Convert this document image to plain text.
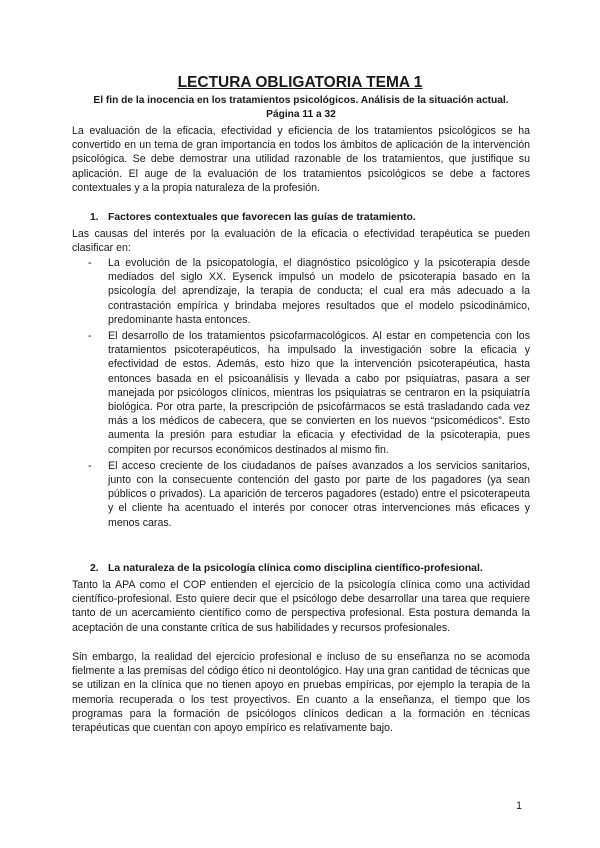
LECTURA OBLIGATORIA TEMA 1
El fin de la inocencia en los tratamientos psicológicos. Análisis de la situación actual.
Página 11 a 32

La evaluación de la eficacia, efectividad y eficiencia de los tratamientos psicológicos se ha convertido en un tema de gran importancia en todos los ámbitos de aplicación de la intervención psicológica. Se debe demostrar una utilidad razonable de los tratamientos, que justifique su aplicación. El auge de la evaluación de los tratamientos psicológicos se debe a factores contextuales y a la propia naturaleza de la profesión.

1. Factores contextuales que favorecen las guías de tratamiento.

Las causas del interés por la evaluación de la eficacia o efectividad terapéutica se pueden clasificar en:

- La evolución de la psicopatología, el diagnóstico psicológico y la psicoterapia desde mediados del siglo XX. Eysenck impulsó un modelo de psicoterapia basado en la psicología del aprendizaje, la terapia de conducta; el cual era más adecuado a la contrastación empírica y brindaba mejores resultados que el modelo psicodinámico, predominante hasta entonces.
- El desarrollo de los tratamientos psicofarmacológicos. Al estar en competencia con los tratamientos psicoterapéuticos, ha impulsado la investigación sobre la eficacia y efectividad de estos. Además, esto hizo que la intervención psicoterapéutica, hasta entonces basada en el psicoanálisis y llevada a cabo por psiquiatras, pasara a ser manejada por psicólogos clínicos, mientras los psiquiatras se centraron en la psiquiatría biológica. Por otra parte, la prescripción de psicofármacos se está trasladando cada vez más a los médicos de cabecera, que se convierten en los nuevos “psicomédicos”. Esto aumenta la presión para estudiar la eficacia y efectividad de la psicoterapia, pues compiten por recursos económicos destinados al mismo fin.
- El acceso creciente de los ciudadanos de países avanzados a los servicios sanitarios, junto con la consecuente contención del gasto por parte de los pagadores (ya sean públicos o privados). La aparición de terceros pagadores (estado) entre el psicoterapeuta y el cliente ha acentuado el interés por conocer otras intervenciones más eficaces y menos caras.
2. La naturaleza de la psicología clínica como disciplina científico-profesional.

Tanto la APA como el COP entienden el ejercicio de la psicología clínica como una actividad científico-profesional. Esto quiere decir que el psicólogo debe desarrollar una tarea que requiere tanto de un acercamiento científico como de perspectiva profesional. Esta postura demanda la aceptación de una constante crítica de sus habilidades y recursos profesionales.

Sin embargo, la realidad del ejercicio profesional e incluso de su enseñanza no se acomoda fielmente a las premisas del código ético ni deontológico. Hay una gran cantidad de técnicas que se utilizan en la clínica que no tienen apoyo en pruebas empíricas, por ejemplo la terapia de la memoria recuperada o los test proyectivos. En cuanto a la enseñanza, el tiempo que los programas para la formación de psicólogos clínicos dedican a la formación en técnicas terapéuticas que cuentan con apoyo empírico es relativamente bajo.

1
